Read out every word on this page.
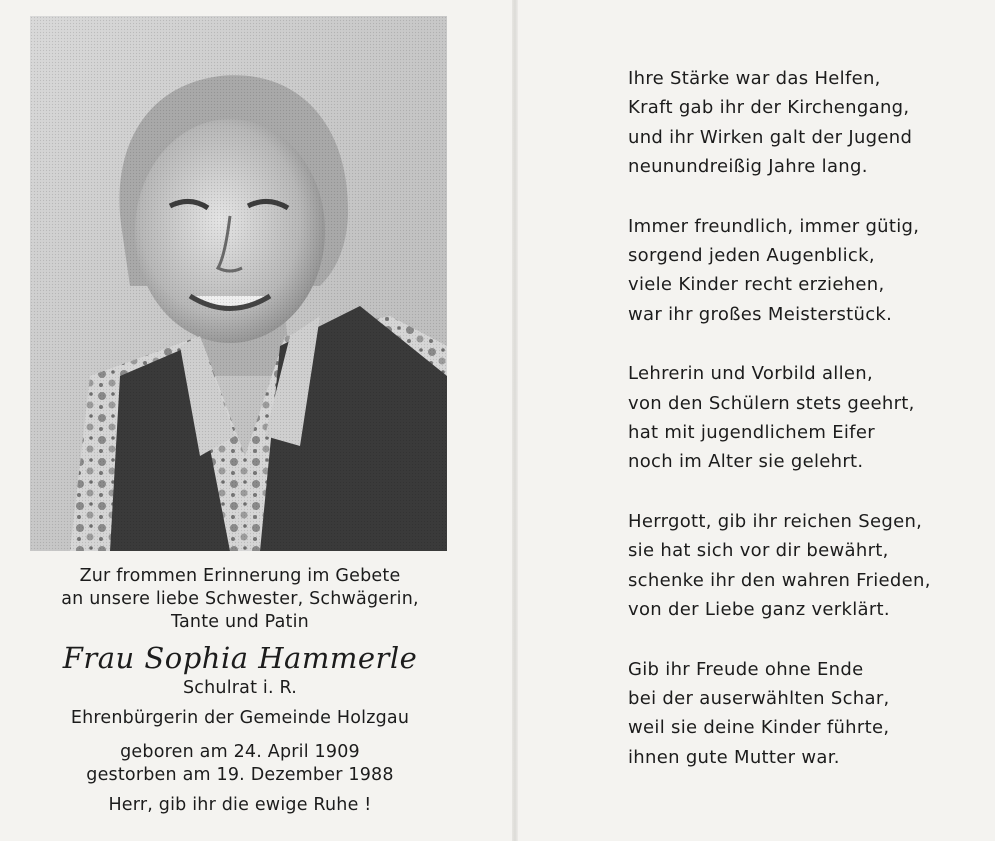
Zur frommen Erinnerung im Gebete
an unsere liebe Schwester, Schwägerin,
Tante und Patin
Frau Sophia Hammerle
Schulrat i. R.
Ehrenbürgerin der Gemeinde Holzgau
geboren am 24. April 1909
gestorben am 19. Dezember 1988
Herr, gib ihr die ewige Ruhe !
Ihre Stärke war das Helfen,
Kraft gab ihr der Kirchengang,
und ihr Wirken galt der Jugend
neunundreißig Jahre lang.
Immer freundlich, immer gütig,
sorgend jeden Augenblick,
viele Kinder recht erziehen,
war ihr großes Meisterstück.
Lehrerin und Vorbild allen,
von den Schülern stets geehrt,
hat mit jugendlichem Eifer
noch im Alter sie gelehrt.
Herrgott, gib ihr reichen Segen,
sie hat sich vor dir bewährt,
schenke ihr den wahren Frieden,
von der Liebe ganz verklärt.
Gib ihr Freude ohne Ende
bei der auserwählten Schar,
weil sie deine Kinder führte,
ihnen gute Mutter war.
